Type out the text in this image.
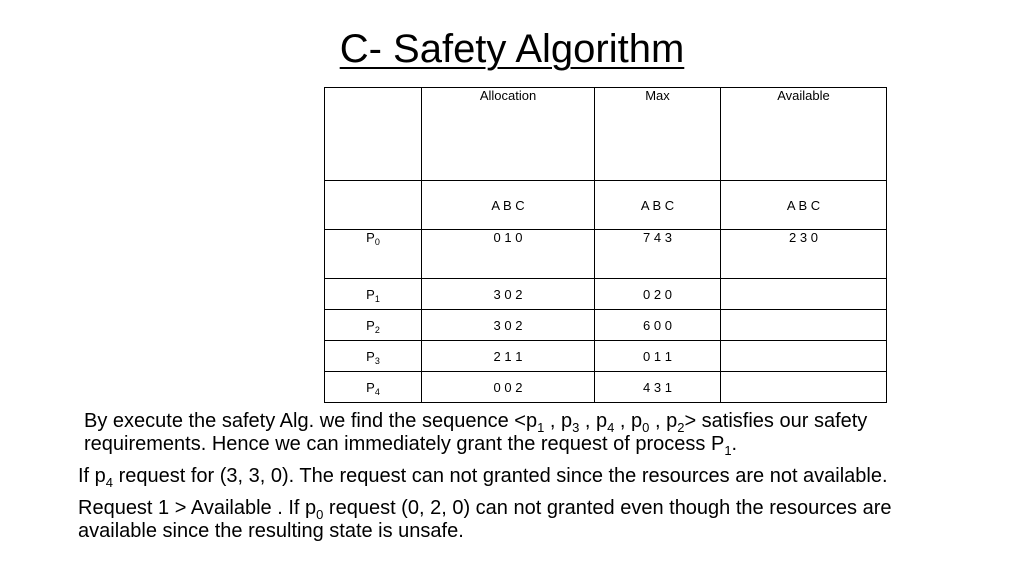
C- Safety Algorithm
	Allocation	Max	Available
	A B C	A B C	A B C
$P_0$	0 1 0	7 4 3	2 3 0
$P_1$	3 0 2	0 2 0	
$P_2$	3 0 2	6 0 0	
$P_3$	2 1 1	0 1 1	
$P_4$	0 0 2	4 3 1	

By execute the safety Alg. we find the sequence $<p_1$ , $p_3$ , $p_4$ , $p_0$ , $p_2>$ satisfies our safety requirements. Hence we can immediately grant the request of process $P_1$.

If $p_4$ request for (3, 3, 0). The request can not granted since the resources are not available.

Request 1 > Available . If $p_0$ request (0, 2, 0) can not granted even though the resources are available since the resulting state is unsafe.
